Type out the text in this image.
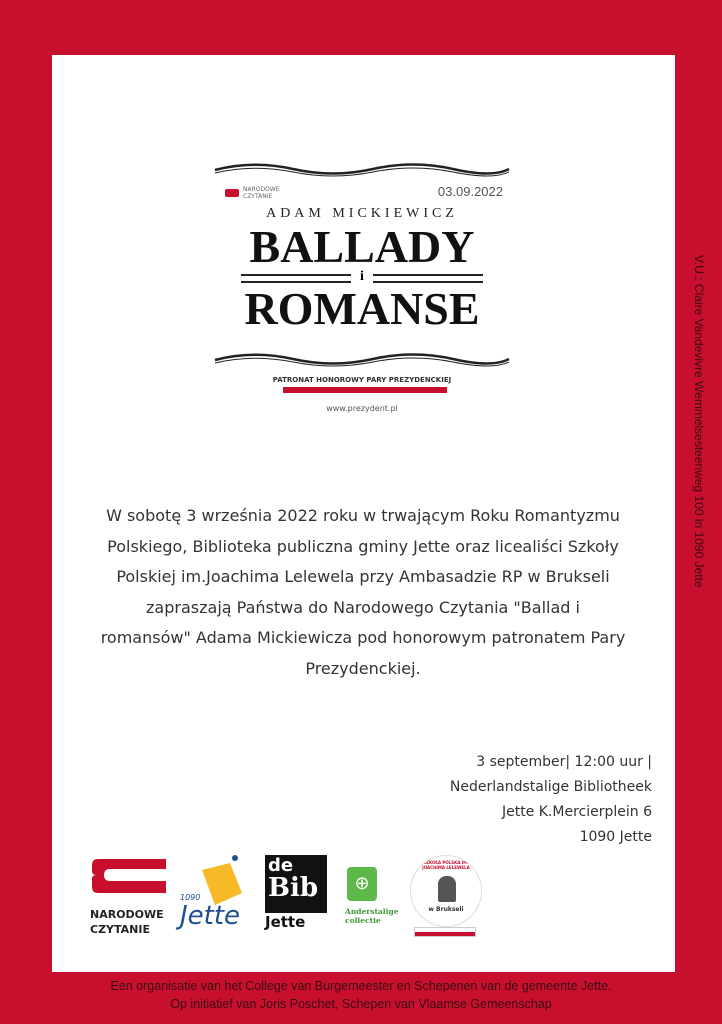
NARODOWE CZYTANIE	03.09.2022
ADAM MICKIEWICZ
BALLADY
i
ROMANSE
PATRONAT HONOROWY PARY PREZYDENCKIEJ
www.prezydent.pl
W sobotę 3 września 2022 roku w trwającym Roku Romantyzmu Polskiego, Biblioteka publiczna gminy Jette oraz licealiści Szkoły Polskiej im.Joachima Lelewela przy Ambasadzie RP w Brukseli zapraszają Państwa do Narodowego Czytania "Ballad i romansów" Adama Mickiewicza pod honorowym patronatem Pary Prezydenckiej.
3 september| 12:00 uur |
Nederlandstalige Bibliotheek
Jette K.Mercierplein 6
1090 Jette
NARODOWE
CZYTANIE
1090
Jette
de
Bib
Jette
⊕
Anderstalige
collectie
SZKOŁA POLSKA IM. JOACHIMA LELEWELA
w Brukseli
V.U.: Claire Vandevivre Wemmelsesteenweg 100 in 1090 Jette
Een organisatie van het College van Burgemeester en Schepenen van de gemeente Jette.
Op initiatief van Joris Poschet, Schepen van Vlaamse Gemeenschap
